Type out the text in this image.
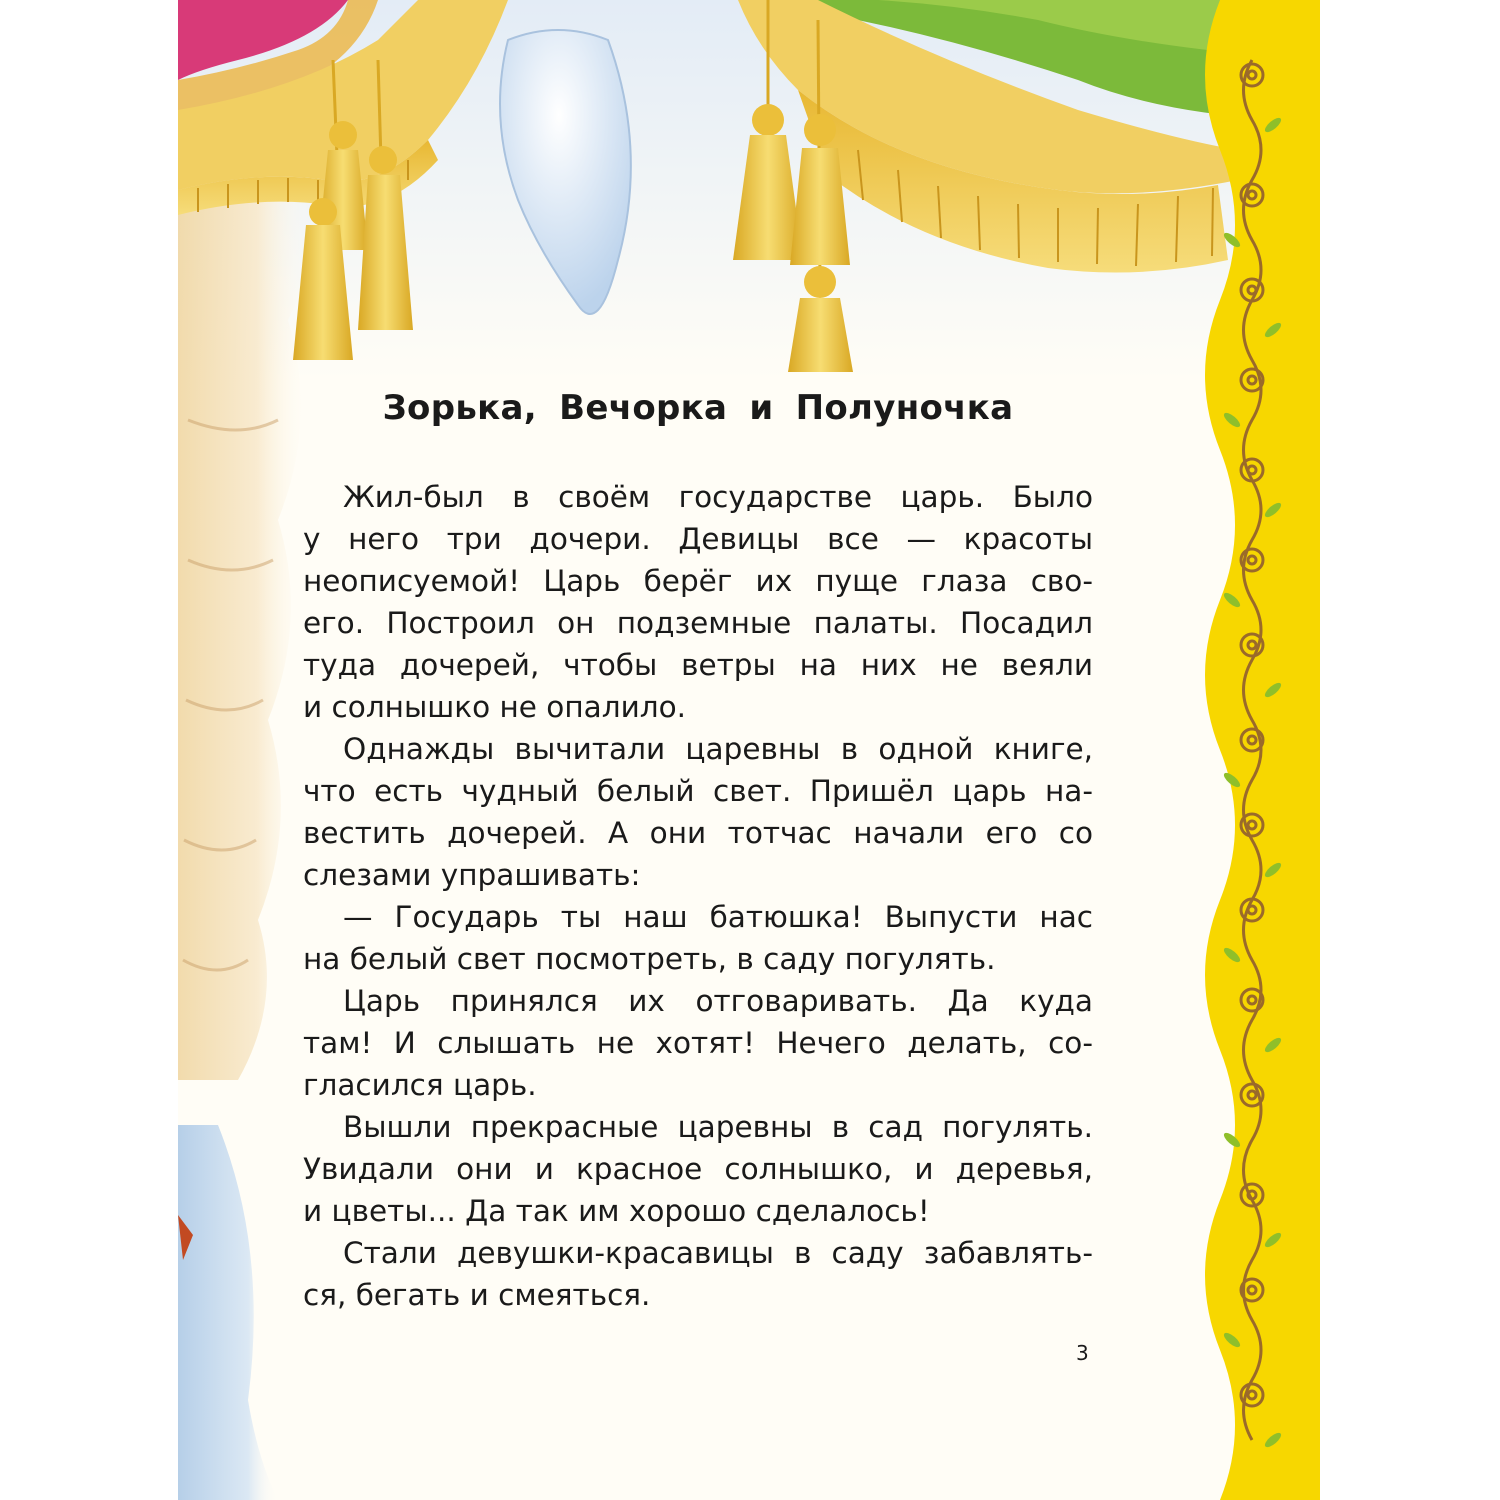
Зорька, Вечорка и Полуночка
Жил-был в своём государстве царь. Было
у него три дочери. Девицы все — красоты
неописуемой! Царь берёг их пуще глаза сво-
его. Построил он подземные палаты. Посадил
туда дочерей, чтобы ветры на них не веяли
и солнышко не опалило.
Однажды вычитали царевны в одной книге,
что есть чудный белый свет. Пришёл царь на-
вестить дочерей. А они тотчас начали его со
слезами упрашивать:
— Государь ты наш батюшка! Выпусти нас
на белый свет посмотреть, в саду погулять.
Царь принялся их отговаривать. Да куда
там! И слышать не хотят! Нечего делать, со-
гласился царь.
Вышли прекрасные царевны в сад погулять.
Увидали они и красное солнышко, и деревья,
и цветы... Да так им хорошо сделалось!
Стали девушки-красавицы в саду забавлять-
ся, бегать и смеяться.
3
